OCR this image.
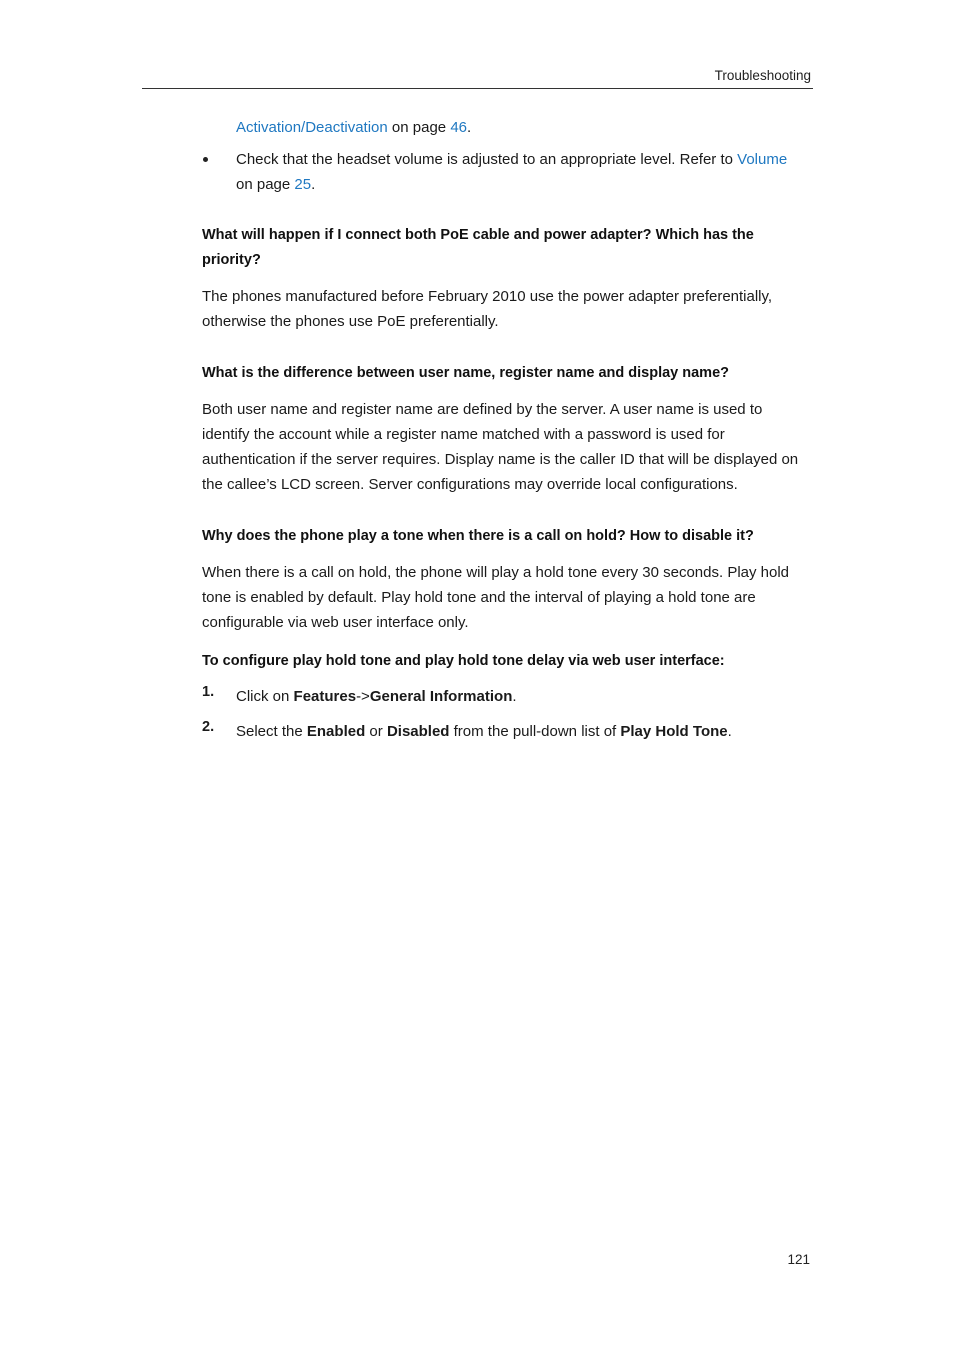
Troubleshooting

Activation/Deactivation on page 46.

Check that the headset volume is adjusted to an appropriate level. Refer to Volume
on page 25.

What will happen if I connect both PoE cable and power adapter? Which has the priority?

The phones manufactured before February 2010 use the power adapter preferentially, otherwise the phones use PoE preferentially.

What is the difference between user name, register name and display name?

Both user name and register name are defined by the server. A user name is used to identify the account while a register name matched with a password is used for authentication if the server requires. Display name is the caller ID that will be displayed on the callee’s LCD screen. Server configurations may override local configurations.

Why does the phone play a tone when there is a call on hold? How to disable it?

When there is a call on hold, the phone will play a hold tone every 30 seconds. Play hold tone is enabled by default. Play hold tone and the interval of playing a hold tone are configurable via web user interface only.

To configure play hold tone and play hold tone delay via web user interface:
1. Click on Features->General Information.

2. Select the Enabled or Disabled from the pull-down list of Play Hold Tone.

121
